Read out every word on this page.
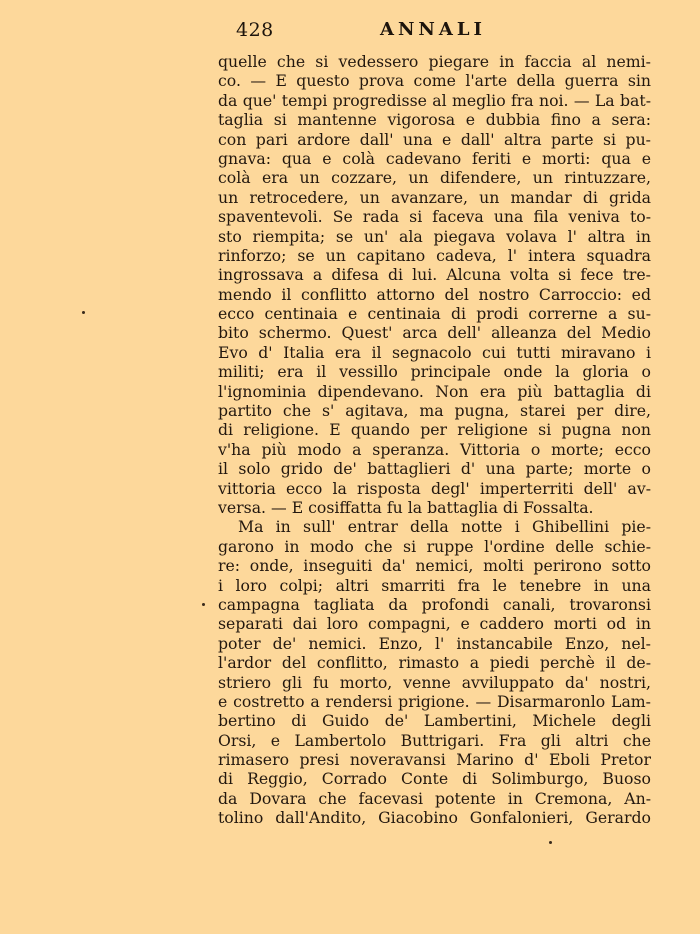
428	ANNALI
quelle che si vedessero piegare in faccia al nemi-
co. — E questo prova come l'arte della guerra sin
da que' tempi progredisse al meglio fra noi. — La bat-
taglia si mantenne vigorosa e dubbia fino a sera:
con pari ardore dall' una e dall' altra parte si pu-
gnava: qua e colà cadevano feriti e morti: qua e
colà era un cozzare, un difendere, un rintuzzare,
un retrocedere, un avanzare, un mandar di grida
spaventevoli. Se rada si faceva una fila veniva to-
sto riempita; se un' ala piegava volava l' altra in
rinforzo; se un capitano cadeva, l' intera squadra
ingrossava a difesa di lui. Alcuna volta si fece tre-
mendo il conflitto attorno del nostro Carroccio: ed
ecco centinaia e centinaia di prodi correrne a su-
bito schermo. Quest' arca dell' alleanza del Medio
Evo d' Italia era il segnacolo cui tutti miravano i
militi; era il vessillo principale onde la gloria o
l'ignominia dipendevano. Non era più battaglia di
partito che s' agitava, ma pugna, starei per dire,
di religione. E quando per religione si pugna non
v'ha più modo a speranza. Vittoria o morte; ecco
il solo grido de' battaglieri d' una parte; morte o
vittoria ecco la risposta degl' imperterriti dell' av-
versa. — E cosiffatta fu la battaglia di Fossalta.
Ma in sull' entrar della notte i Ghibellini pie-
garono in modo che si ruppe l'ordine delle schie-
re: onde, inseguiti da' nemici, molti perirono sotto
i loro colpi; altri smarriti fra le tenebre in una
campagna tagliata da profondi canali, trovaronsi
separati dai loro compagni, e caddero morti od in
poter de' nemici. Enzo, l' instancabile Enzo, nel-
l'ardor del conflitto, rimasto a piedi perchè il de-
striero gli fu morto, venne avviluppato da' nostri,
e costretto a rendersi prigione. — Disarmaronlo Lam-
bertino di Guido de' Lambertini, Michele degli
Orsi, e Lambertolo Buttrigari. Fra gli altri che
rimasero presi noveravansi Marino d' Eboli Pretor
di Reggio, Corrado Conte di Solimburgo, Buoso
da Dovara che facevasi potente in Cremona, An-
tolino dall'Andito, Giacobino Gonfalonieri, Gerardo
